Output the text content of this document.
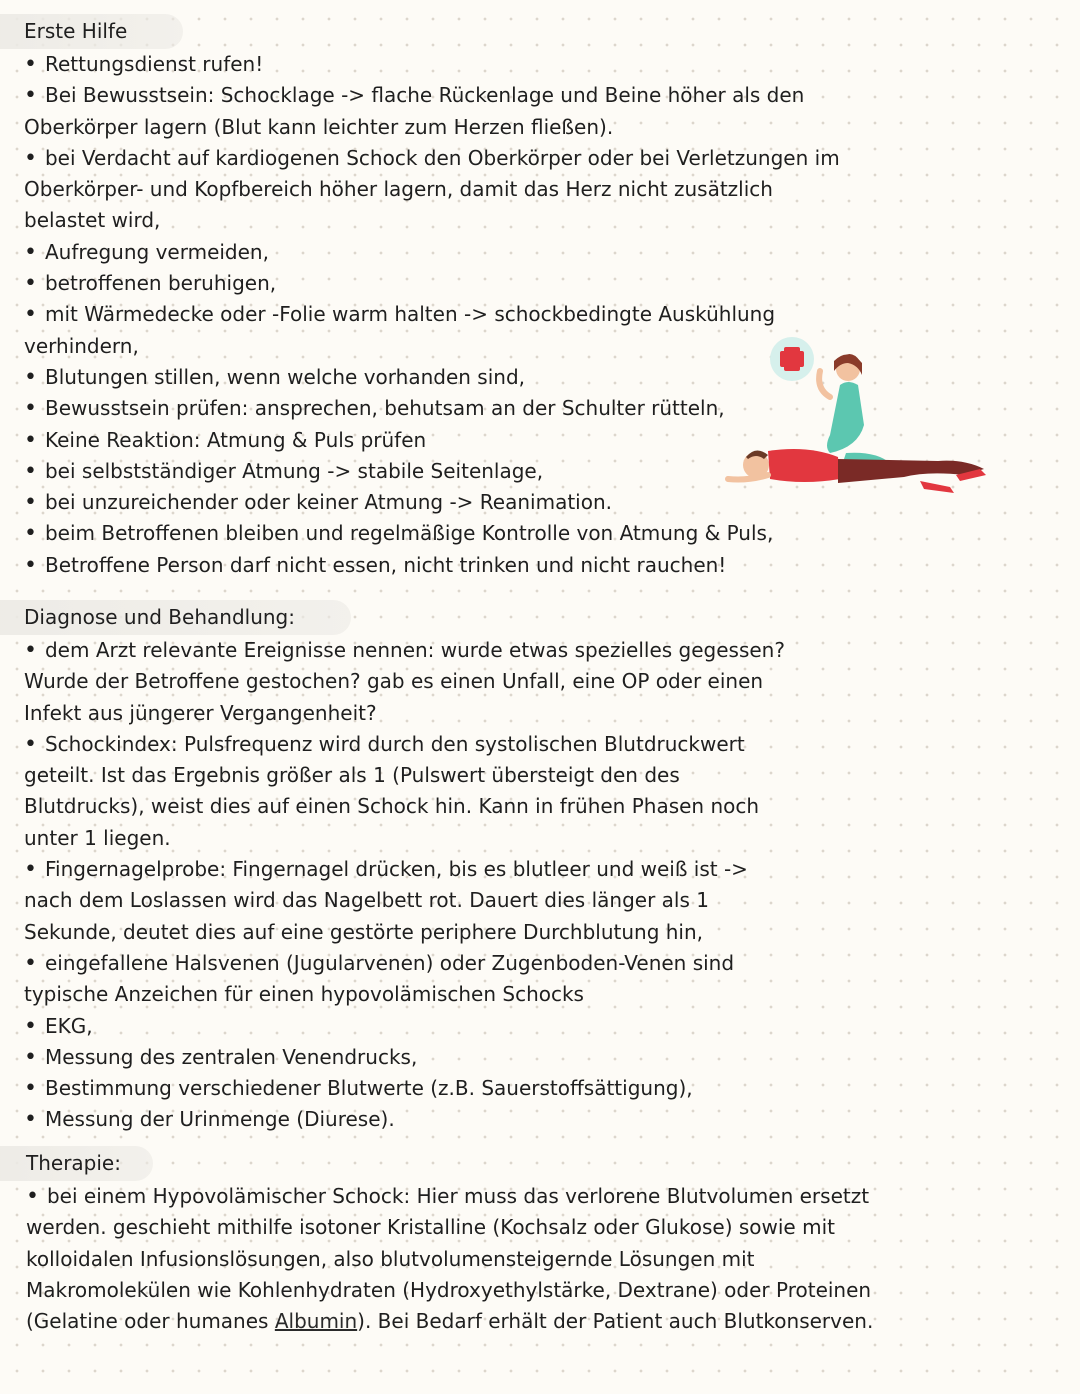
Erste Hilfe
• Rettungsdienst rufen!
• Bei Bewusstsein: Schocklage -> flache Rückenlage und Beine höher als den
Oberkörper lagern (Blut kann leichter zum Herzen fließen).
• bei Verdacht auf kardiogenen Schock den Oberkörper oder bei Verletzungen im
Oberkörper- und Kopfbereich höher lagern, damit das Herz nicht zusätzlich
belastet wird,
• Aufregung vermeiden,
• betroffenen beruhigen,
• mit Wärmedecke oder -Folie warm halten -> schockbedingte Auskühlung
verhindern,
• Blutungen stillen, wenn welche vorhanden sind,
• Bewusstsein prüfen: ansprechen, behutsam an der Schulter rütteln,
• Keine Reaktion: Atmung & Puls prüfen
• bei selbstständiger Atmung -> stabile Seitenlage,
• bei unzureichender oder keiner Atmung -> Reanimation.
• beim Betroffenen bleiben und regelmäßige Kontrolle von Atmung & Puls,
• Betroffene Person darf nicht essen, nicht trinken und nicht rauchen!
Diagnose und Behandlung:
• dem Arzt relevante Ereignisse nennen: wurde etwas spezielles gegessen?
Wurde der Betroffene gestochen? gab es einen Unfall, eine OP oder einen
Infekt aus jüngerer Vergangenheit?
• Schockindex: Pulsfrequenz wird durch den systolischen Blutdruckwert
geteilt. Ist das Ergebnis größer als 1 (Pulswert übersteigt den des
Blutdrucks), weist dies auf einen Schock hin. Kann in frühen Phasen noch
unter 1 liegen.
• Fingernagelprobe: Fingernagel drücken, bis es blutleer und weiß ist ->
nach dem Loslassen wird das Nagelbett rot. Dauert dies länger als 1
Sekunde, deutet dies auf eine gestörte periphere Durchblutung hin,
• eingefallene Halsvenen (Jugularvenen) oder Zugenboden-Venen sind
typische Anzeichen für einen hypovolämischen Schocks
• EKG,
• Messung des zentralen Venendrucks,
• Bestimmung verschiedener Blutwerte (z.B. Sauerstoffsättigung),
• Messung der Urinmenge (Diurese).
Therapie:
• bei einem Hypovolämischer Schock: Hier muss das verlorene Blutvolumen ersetzt
werden. geschieht mithilfe isotoner Kristalline (Kochsalz oder Glukose) sowie mit
kolloidalen Infusionslösungen, also blutvolumensteigernde Lösungen mit
Makromolekülen wie Kohlenhydraten (Hydroxyethylstärke, Dextrane) oder Proteinen
(Gelatine oder humanes Albumin). Bei Bedarf erhält der Patient auch Blutkonserven.
